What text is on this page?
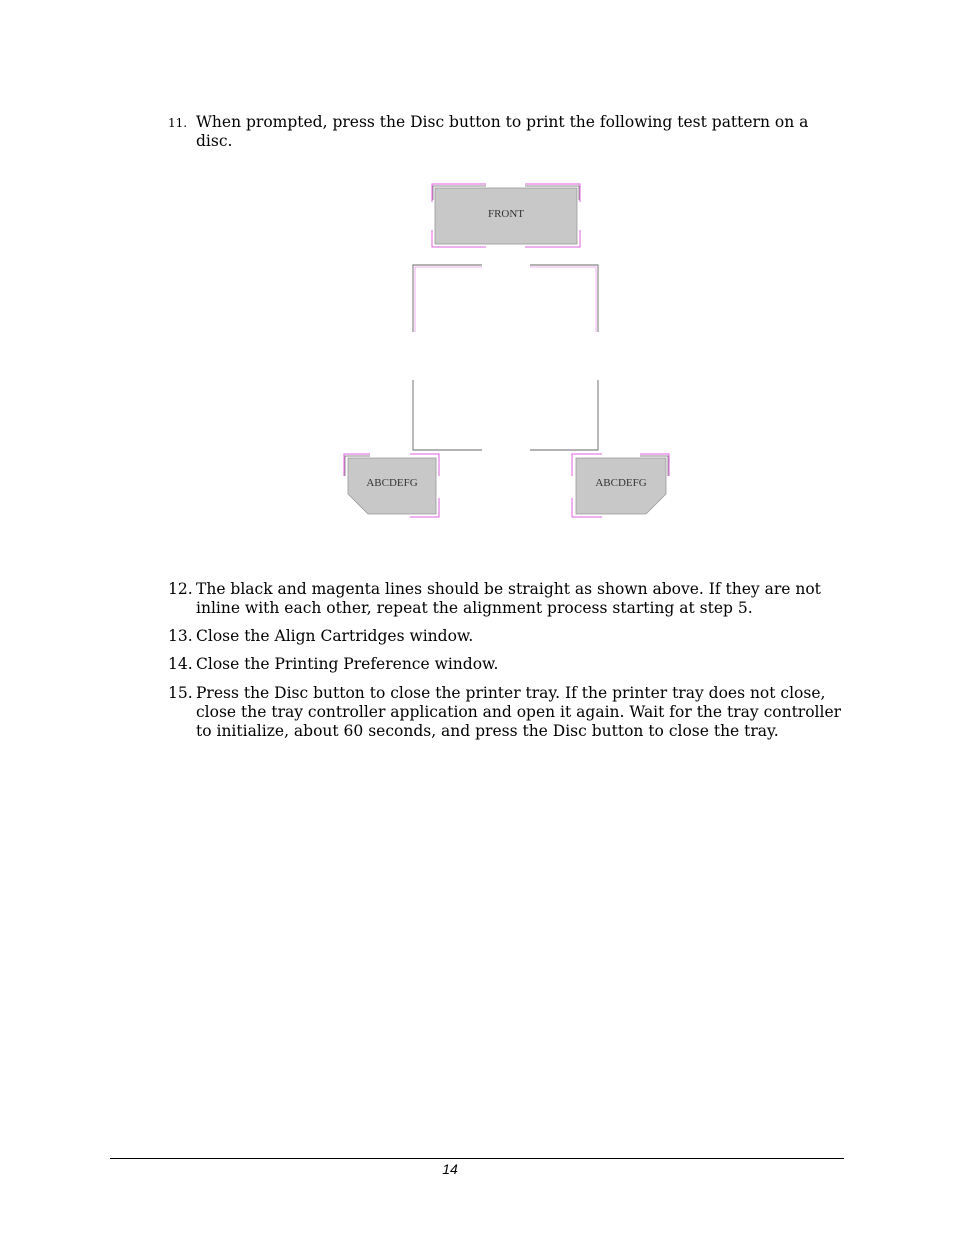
11. When prompted, press the Disc button to print the following test pattern on a disc.
FRONT
ABCDEFG	ABCDEFG
12. The black and magenta lines should be straight as shown above. If they are not inline with each other, repeat the alignment process starting at step 5.
13. Close the Align Cartridges window.
14. Close the Printing Preference window.
15. Press the Disc button to close the printer tray. If the printer tray does not close, close the tray controller application and open it again. Wait for the tray controller to initialize, about 60 seconds, and press the Disc button to close the tray.
14
